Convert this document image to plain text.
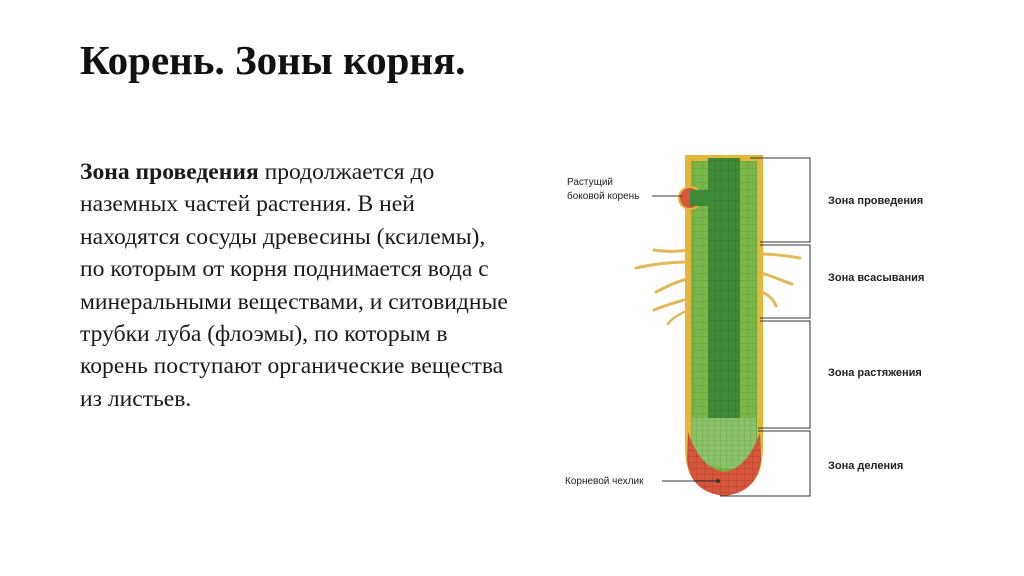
Корень. Зоны корня.

Зона проведения продолжается до наземных частей растения. В ней находятся сосуды древесины (ксилемы), по которым от корня поднимается вода с минеральными веществами, и ситовидные трубки луба (флоэмы), по которым в корень поступают органические вещества из листьев.

Растущий
боковой корень
Корневой чехлик
Зона проведения
Зона всасывания
Зона растяжения
Зона деления
